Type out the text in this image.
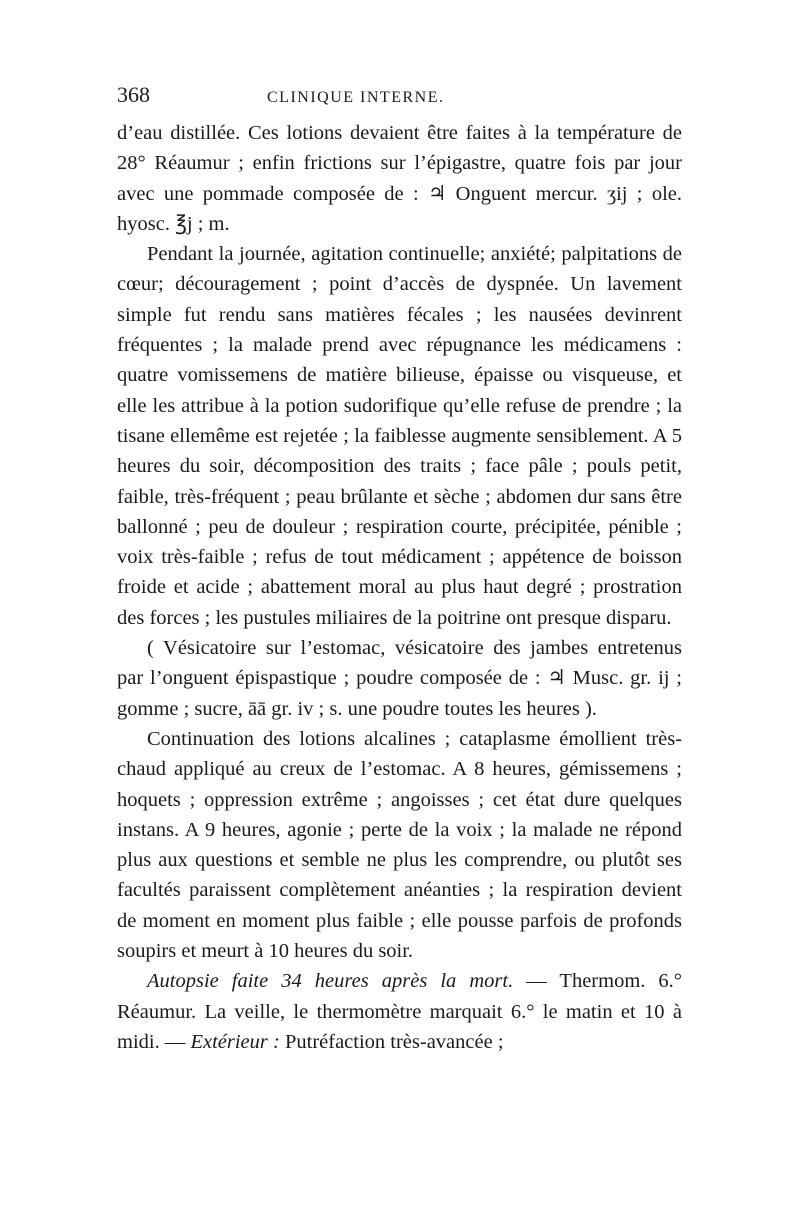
368	CLINIQUE INTERNE.

d’eau distillée. Ces lotions devaient être faites à la température de 28° Réaumur ; enfin frictions sur l’épigastre, quatre fois par jour avec une pommade composée de : ♃ Onguent mercur. ʒij ; ole. hyosc. ℥j ; m.

Pendant la journée, agitation continuelle; anxiété; palpitations de cœur; découragement ; point d’accès de dyspnée. Un lavement simple fut rendu sans matières fécales ; les nausées devinrent fréquentes ; la malade prend avec répugnance les médicamens : quatre vomissemens de matière bilieuse, épaisse ou visqueuse, et elle les attribue à la potion sudorifique qu’elle refuse de prendre ; la tisane ellemême est rejetée ; la faiblesse augmente sensiblement. A 5 heures du soir, décomposition des traits ; face pâle ; pouls petit, faible, très-fréquent ; peau brûlante et sèche ; abdomen dur sans être ballonné ; peu de douleur ; respiration courte, précipitée, pénible ; voix très-faible ; refus de tout médicament ; appétence de boisson froide et acide ; abattement moral au plus haut degré ; prostration des forces ; les pustules miliaires de la poitrine ont presque disparu.

( Vésicatoire sur l’estomac, vésicatoire des jambes entretenus par l’onguent épispastique ; poudre composée de : ♃ Musc. gr. ij ; gomme ; sucre, āā gr. iv ; s. une poudre toutes les heures ).

Continuation des lotions alcalines ; cataplasme émollient très-chaud appliqué au creux de l’estomac. A 8 heures, gémissemens ; hoquets ; oppression extrême ; angoisses ; cet état dure quelques instans. A 9 heures, agonie ; perte de la voix ; la malade ne répond plus aux questions et semble ne plus les comprendre, ou plutôt ses facultés paraissent complètement anéanties ; la respiration devient de moment en moment plus faible ; elle pousse parfois de profonds soupirs et meurt à 10 heures du soir.

Autopsie faite 34 heures après la mort. — Thermom. 6.° Réaumur. La veille, le thermomètre marquait 6.° le matin et 10 à midi. — Extérieur : Putréfaction très-avancée ;
